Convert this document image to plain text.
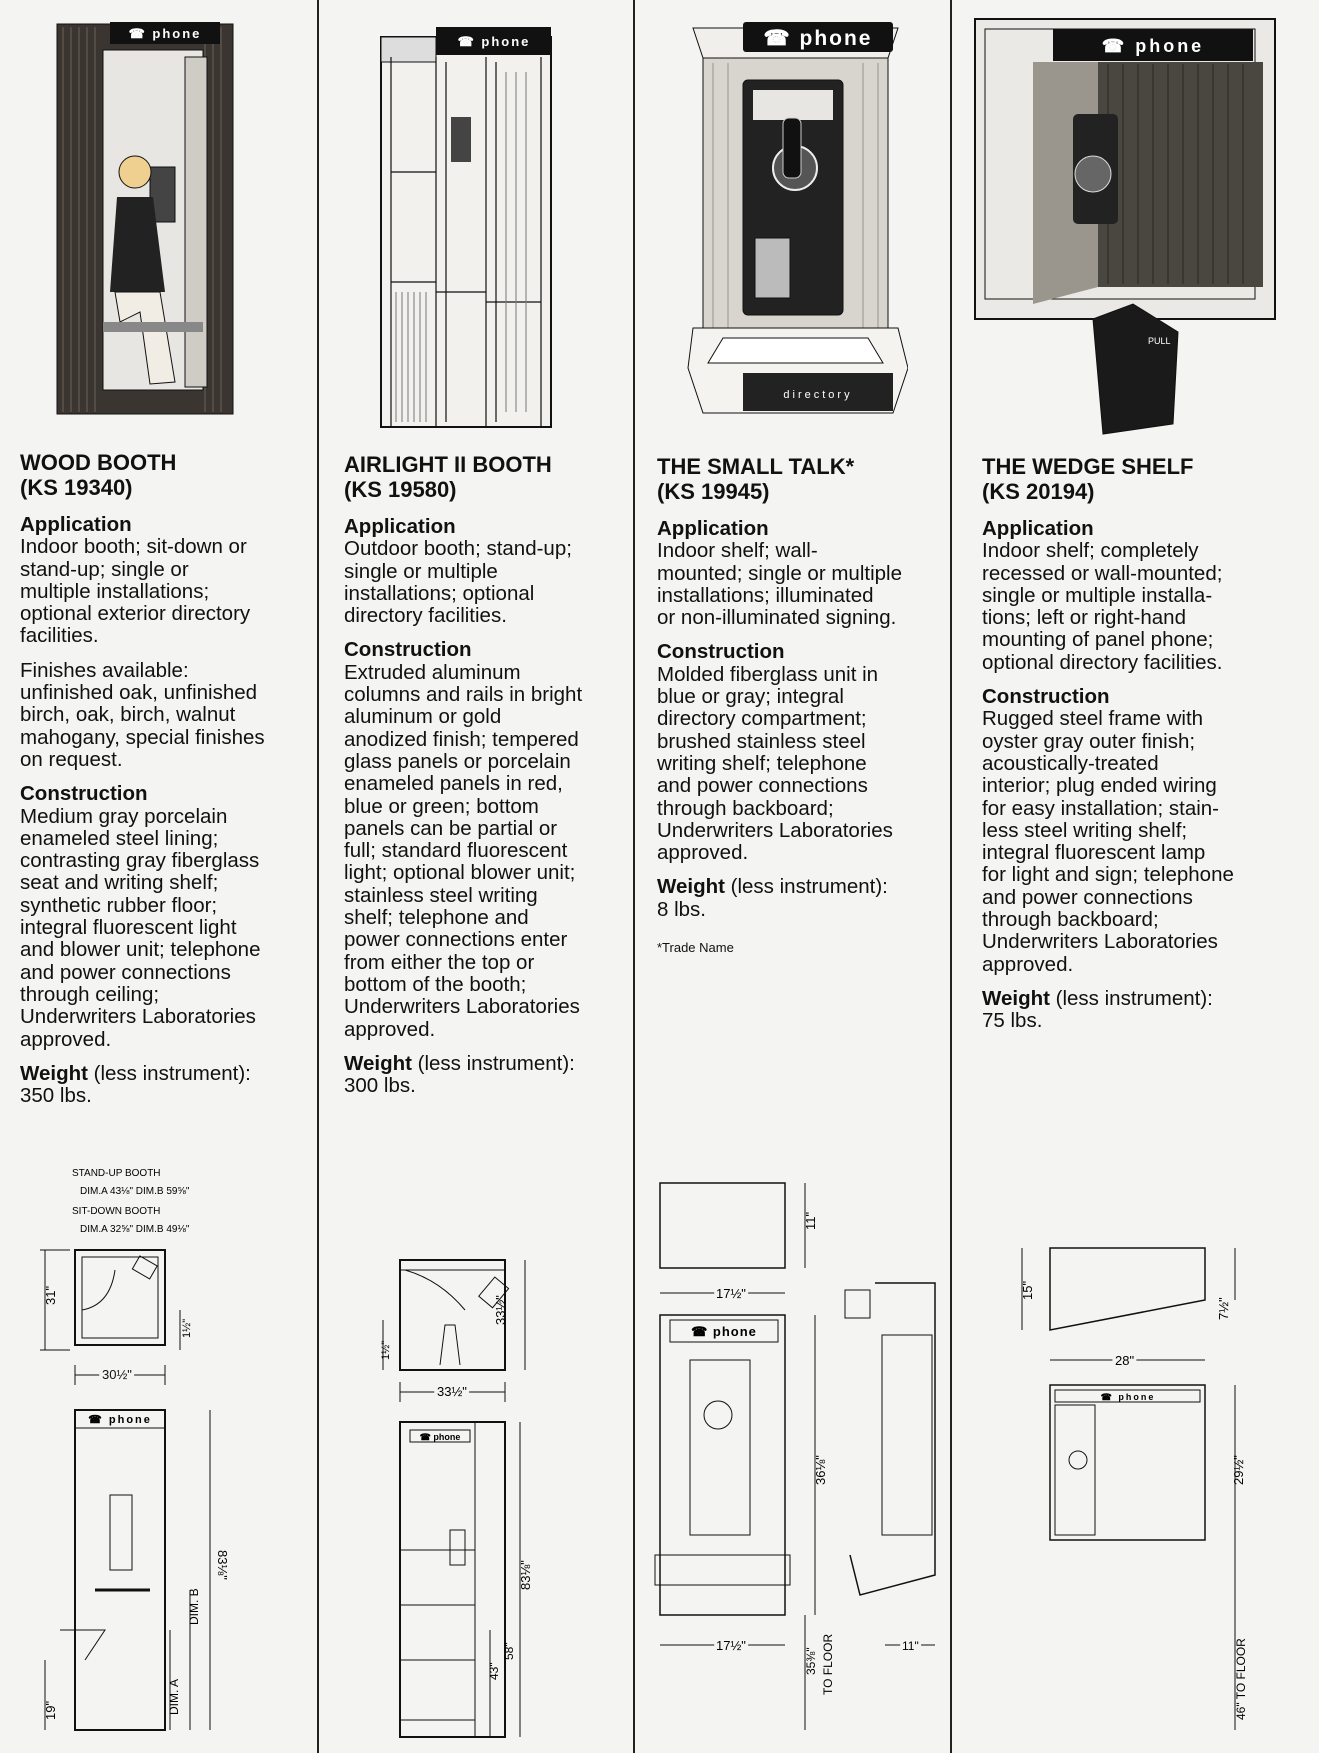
☎ phone
☎ phone	☎ phone
directory
☎ phone
PULL
WOOD BOOTH
(KS 19340)
Application
Indoor booth; sit-down or
stand-up; single or
multiple installations;
optional exterior directory
facilities.
Finishes available:
unfinished oak, unfinished
birch, oak, birch, walnut
mahogany, special finishes
on request.
Construction
Medium gray porcelain
enameled steel lining;
contrasting gray fiberglass
seat and writing shelf;
synthetic rubber floor;
integral fluorescent light
and blower unit; telephone
and power connections
through ceiling;
Underwriters Laboratories
approved.
Weight (less instrument):
350 lbs.
AIRLIGHT II BOOTH
(KS 19580)
Application
Outdoor booth; stand-up;
single or multiple
installations; optional
directory facilities.
Construction
Extruded aluminum
columns and rails in bright
aluminum or gold
anodized finish; tempered
glass panels or porcelain
enameled panels in red,
blue or green; bottom
panels can be partial or
full; standard fluorescent
light; optional blower unit;
stainless steel writing
shelf; telephone and
power connections enter
from either the top or
bottom of the booth;
Underwriters Laboratories
approved.
Weight (less instrument):
300 lbs.
THE SMALL TALK*
(KS 19945)
Application
Indoor shelf; wall-
mounted; single or multiple
installations; illuminated
or non-illuminated signing.
Construction
Molded fiberglass unit in
blue or gray; integral
directory compartment;
brushed stainless steel
writing shelf; telephone
and power connections
through backboard;
Underwriters Laboratories
approved.
Weight (less instrument):
8 lbs.
*Trade Name
THE WEDGE SHELF
(KS 20194)
Application
Indoor shelf; completely
recessed or wall-mounted;
single or multiple installa-
tions; left or right-hand
mounting of panel phone;
optional directory facilities.
Construction
Rugged steel frame with
oyster gray outer finish;
acoustically-treated
interior; plug ended wiring
for easy installation; stain-
less steel writing shelf;
integral fluorescent lamp
for light and sign; telephone
and power connections
through backboard;
Underwriters Laboratories
approved.
Weight (less instrument):
75 lbs.
STAND-UP BOOTH
DIM.A 43⅛" DIM.B 59⅝"
SIT-DOWN BOOTH
DIM.A 32⅝" DIM.B 49⅛"
31"
1½"
30½"
☎ phone
83⅛"
DIM. B
DIM. A
19"
33½"
1½"
33½"
☎ phone
83⅛"
58"
43"
11"
17½"
☎ phone
36⅛"
17½"
35⅜" TO FLOOR	11"
15"
7½"
28"
☎ phone
29½"
46" TO FLOOR
